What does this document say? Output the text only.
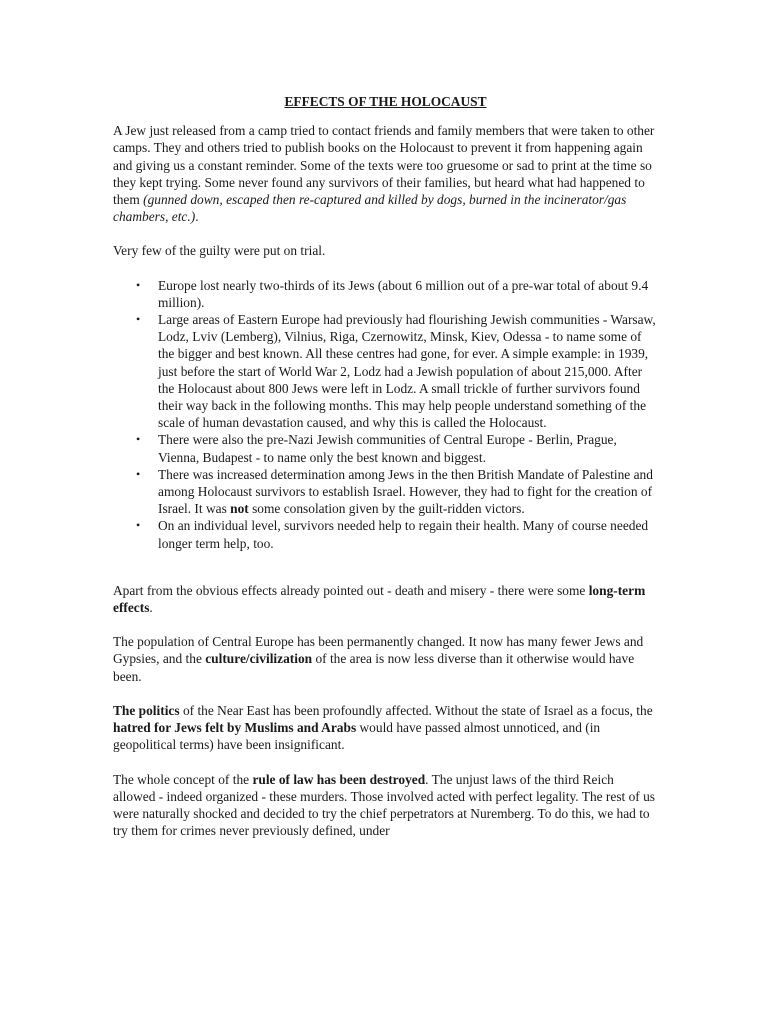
EFFECTS OF THE HOLOCAUST

A Jew just released from a camp tried to contact friends and family members that were taken to other camps. They and others tried to publish books on the Holocaust to prevent it from happening again and giving us a constant reminder. Some of the texts were too gruesome or sad to print at the time so they kept trying. Some never found any survivors of their families, but heard what had happened to them (gunned down, escaped then re-captured and killed by dogs, burned in the incinerator/gas chambers, etc.).

Very few of the guilty were put on trial.

• Europe lost nearly two-thirds of its Jews (about 6 million out of a pre-war total of about 9.4 million).
• Large areas of Eastern Europe had previously had flourishing Jewish communities - Warsaw, Lodz, Lviv (Lemberg), Vilnius, Riga, Czernowitz, Minsk, Kiev, Odessa - to name some of the bigger and best known. All these centres had gone, for ever. A simple example: in 1939, just before the start of World War 2, Lodz had a Jewish population of about 215,000. After the Holocaust about 800 Jews were left in Lodz. A small trickle of further survivors found their way back in the following months. This may help people understand something of the scale of human devastation caused, and why this is called the Holocaust.
• There were also the pre-Nazi Jewish communities of Central Europe - Berlin, Prague, Vienna, Budapest - to name only the best known and biggest.
• There was increased determination among Jews in the then British Mandate of Palestine and among Holocaust survivors to establish Israel. However, they had to fight for the creation of Israel. It was not some consolation given by the guilt-ridden victors.
• On an individual level, survivors needed help to regain their health. Many of course needed longer term help, too.

Apart from the obvious effects already pointed out - death and misery - there were some long-term effects.

The population of Central Europe has been permanently changed. It now has many fewer Jews and Gypsies, and the culture/civilization of the area is now less diverse than it otherwise would have been.

The politics of the Near East has been profoundly affected. Without the state of Israel as a focus, the hatred for Jews felt by Muslims and Arabs would have passed almost unnoticed, and (in geopolitical terms) have been insignificant.

The whole concept of the rule of law has been destroyed. The unjust laws of the third Reich allowed - indeed organized - these murders. Those involved acted with perfect legality. The rest of us were naturally shocked and decided to try the chief perpetrators at Nuremberg. To do this, we had to try them for crimes never previously defined, under
